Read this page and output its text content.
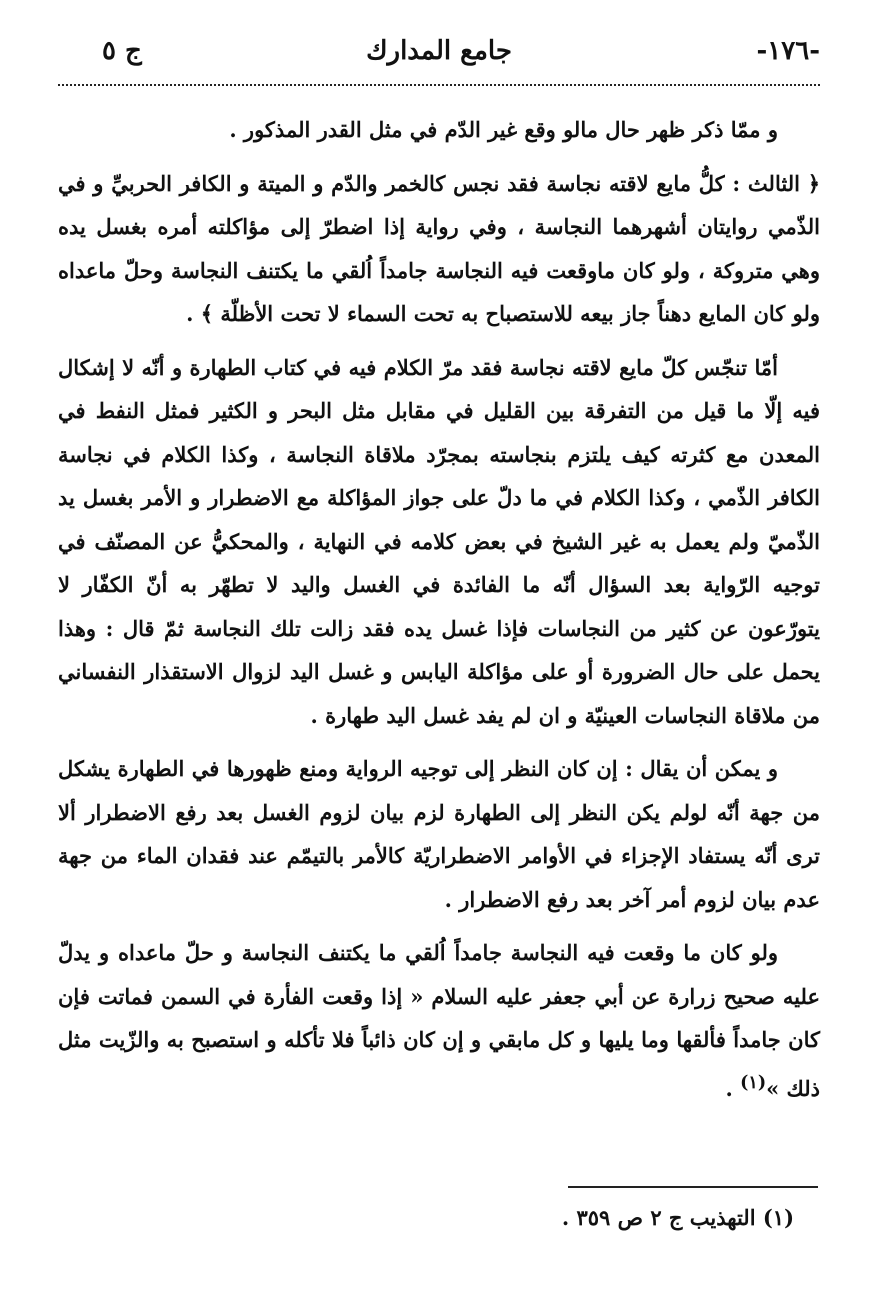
-١٧٦-
جامع المدارك
ج ٥

و ممّا ذكر ظهر حال مالو وقع غير الدّم في مثل القدر المذكور .

﴿ الثالث : كلُّ مايع لاقته نجاسة فقد نجس كالخمر والدّم و الميتة و الكافر الحربيِّ و في الذّمي روايتان أشهرهما النجاسة ، وفي رواية إذا اضطرّ إلى مؤاكلته أمره بغسل يده وهي متروكة ، ولو كان ماوقعت فيه النجاسة جامداً اُلقي ما يكتنف النجاسة وحلّ ماعداه ولو كان المايع دهناً جاز بيعه للاستصباح به تحت السماء لا تحت الأظلّة ﴾ .

أمّا تنجّس كلّ مايع لاقته نجاسة فقد مرّ الكلام فيه في كتاب الطهارة و أنّه لا إشكال فيه إلّا ما قيل من التفرقة بين القليل في مقابل مثل البحر و الكثير فمثل النفط في المعدن مع كثرته كيف يلتزم بنجاسته بمجرّد ملاقاة النجاسة ، وكذا الكلام في نجاسة الكافر الذّمي ، وكذا الكلام في ما دلّ على جواز المؤاكلة مع الاضطرار و الأمر بغسل يد الذّميّ ولم يعمل به غير الشيخ في بعض كلامه في النهاية ، والمحكيُّ عن المصنّف في توجيه الرّواية بعد السؤال أنّه ما الفائدة في الغسل واليد لا تطهّر به أنّ الكفّار لا يتورّعون عن كثير من النجاسات فإذا غسل يده فقد زالت تلك النجاسة ثمّ قال : وهذا يحمل على حال الضرورة أو على مؤاكلة اليابس و غسل اليد لزوال الاستقذار النفساني من ملاقاة النجاسات العينيّة و ان لم يفد غسل اليد طهارة .

و يمكن أن يقال : إن كان النظر إلى توجيه الرواية ومنع ظهورها في الطهارة يشكل من جهة أنّه لولم يكن النظر إلى الطهارة لزم بيان لزوم الغسل بعد رفع الاضطرار ألا ترى أنّه يستفاد الإجزاء في الأوامر الاضطراريّة كالأمر بالتيمّم عند فقدان الماء من جهة عدم بيان لزوم أمر آخر بعد رفع الاضطرار .

ولو كان ما وقعت فيه النجاسة جامداً اُلقي ما يكتنف النجاسة و حلّ ماعداه و يدلّ عليه صحيح زرارة عن أبي جعفر عليه السلام « إذا وقعت الفأرة في السمن فماتت فإن كان جامداً فألقها وما يليها و كل مابقي و إن كان ذائباً فلا تأكله و استصبح به والزّيت مثل ذلك »$^{(١)}$ .

(١) التهذيب ج ٢ ص ٣٥٩ .
